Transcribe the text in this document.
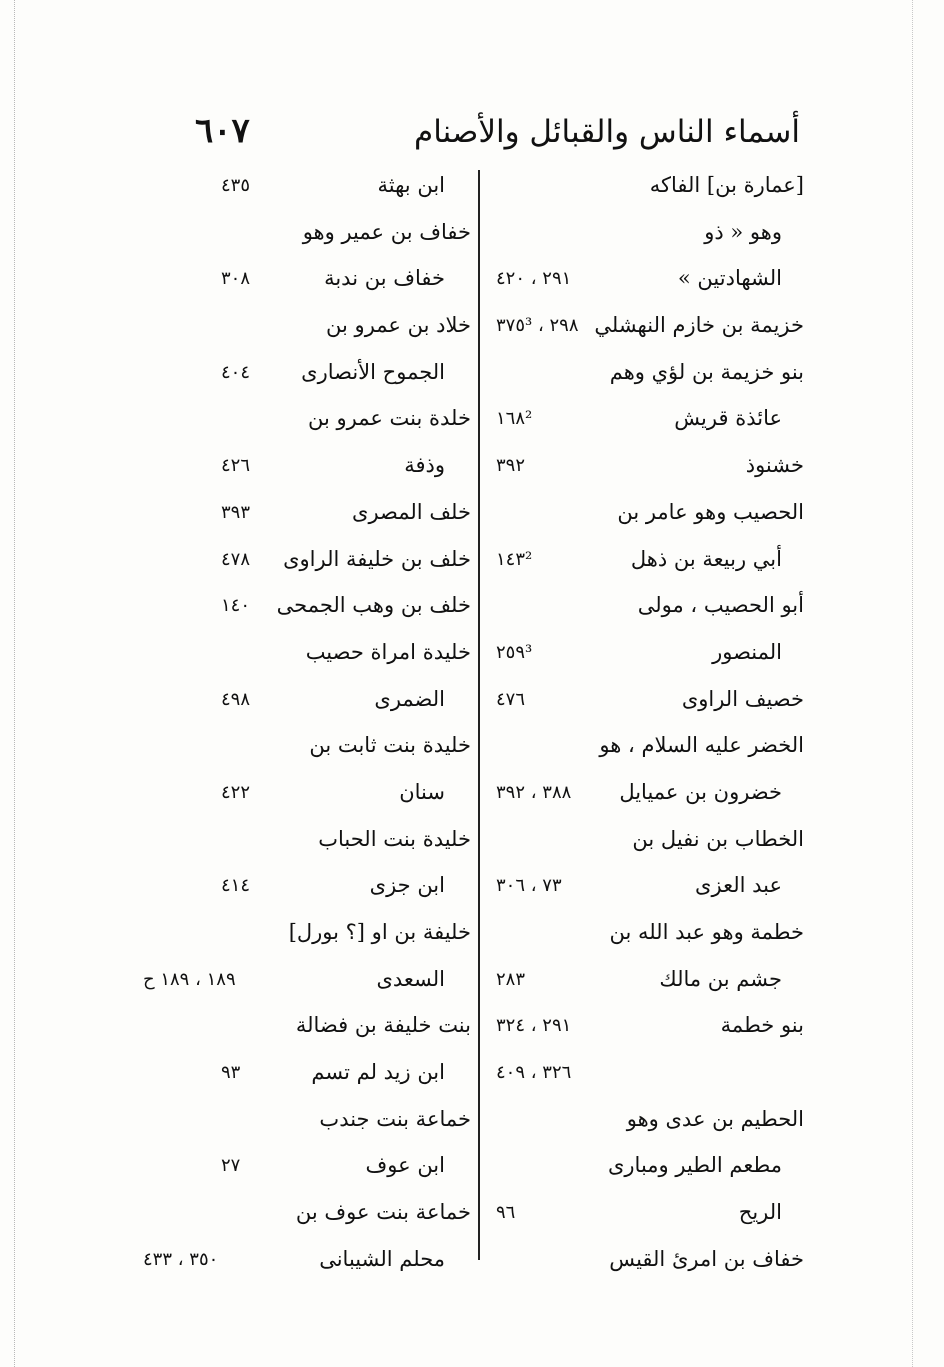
أسماء الناس والقبائل والأصنام
٦٠٧
[عمارة بن] الفاكه
وهو « ذو
الشهادتين »
٢٩١ ، ٤٢٠
خزيمة بن خازم النهشلي
٢٩٨ ، ٣٧٥³
بنو خزيمة بن لؤي وهم
عائذة قريش
١٦٨²
خشنوذ
٣٩٢
الحصيب وهو عامر بن
أبي ربيعة بن ذهل
١٤٣²
أبو الحصيب ، مولى
المنصور
٢٥٩³
خصيف الراوى
٤٧٦
الخضر عليه السلام ، هو
خضرون بن عميايل
٣٨٨ ، ٣٩٢
الخطاب بن نفيل بن
عبد العزى
٧٣ ، ٣٠٦
خطمة وهو عبد الله بن
جشم بن مالك
٢٨٣
بنو خطمة
٢٩١ ، ٣٢٤
٣٢٦ ، ٤٠٩
الحطيم بن عدى وهو
مطعم الطير ومبارى
الريح
٩٦
خفاف بن امرئ القيس
ابن بهثة
٤٣٥
خفاف بن عمير وهو
خفاف بن ندبة
٣٠٨
خلاد بن عمرو بن
الجموح الأنصارى
٤٠٤
خلدة بنت عمرو بن
وذفة
٤٢٦
خلف المصرى
٣٩٣
خلف بن خليفة الراوى
٤٧٨
خلف بن وهب الجمحى
١٤٠
خليدة امراة حصيب
الضمرى
٤٩٨
خليدة بنت ثابت بن
سنان
٤٢٢
خليدة بنت الحباب
ابن جزى
٤١٤
خليفة بن او [؟ بورل]
السعدى
١٨٩ ، ١٨٩ ح
بنت خليفة بن فضالة
ابن زيد لم تسم
٩٣
خماعة بنت جندب
ابن عوف
٢٧
خماعة بنت عوف بن
محلم الشيبانى
٣٥٠ ، ٤٣٣
